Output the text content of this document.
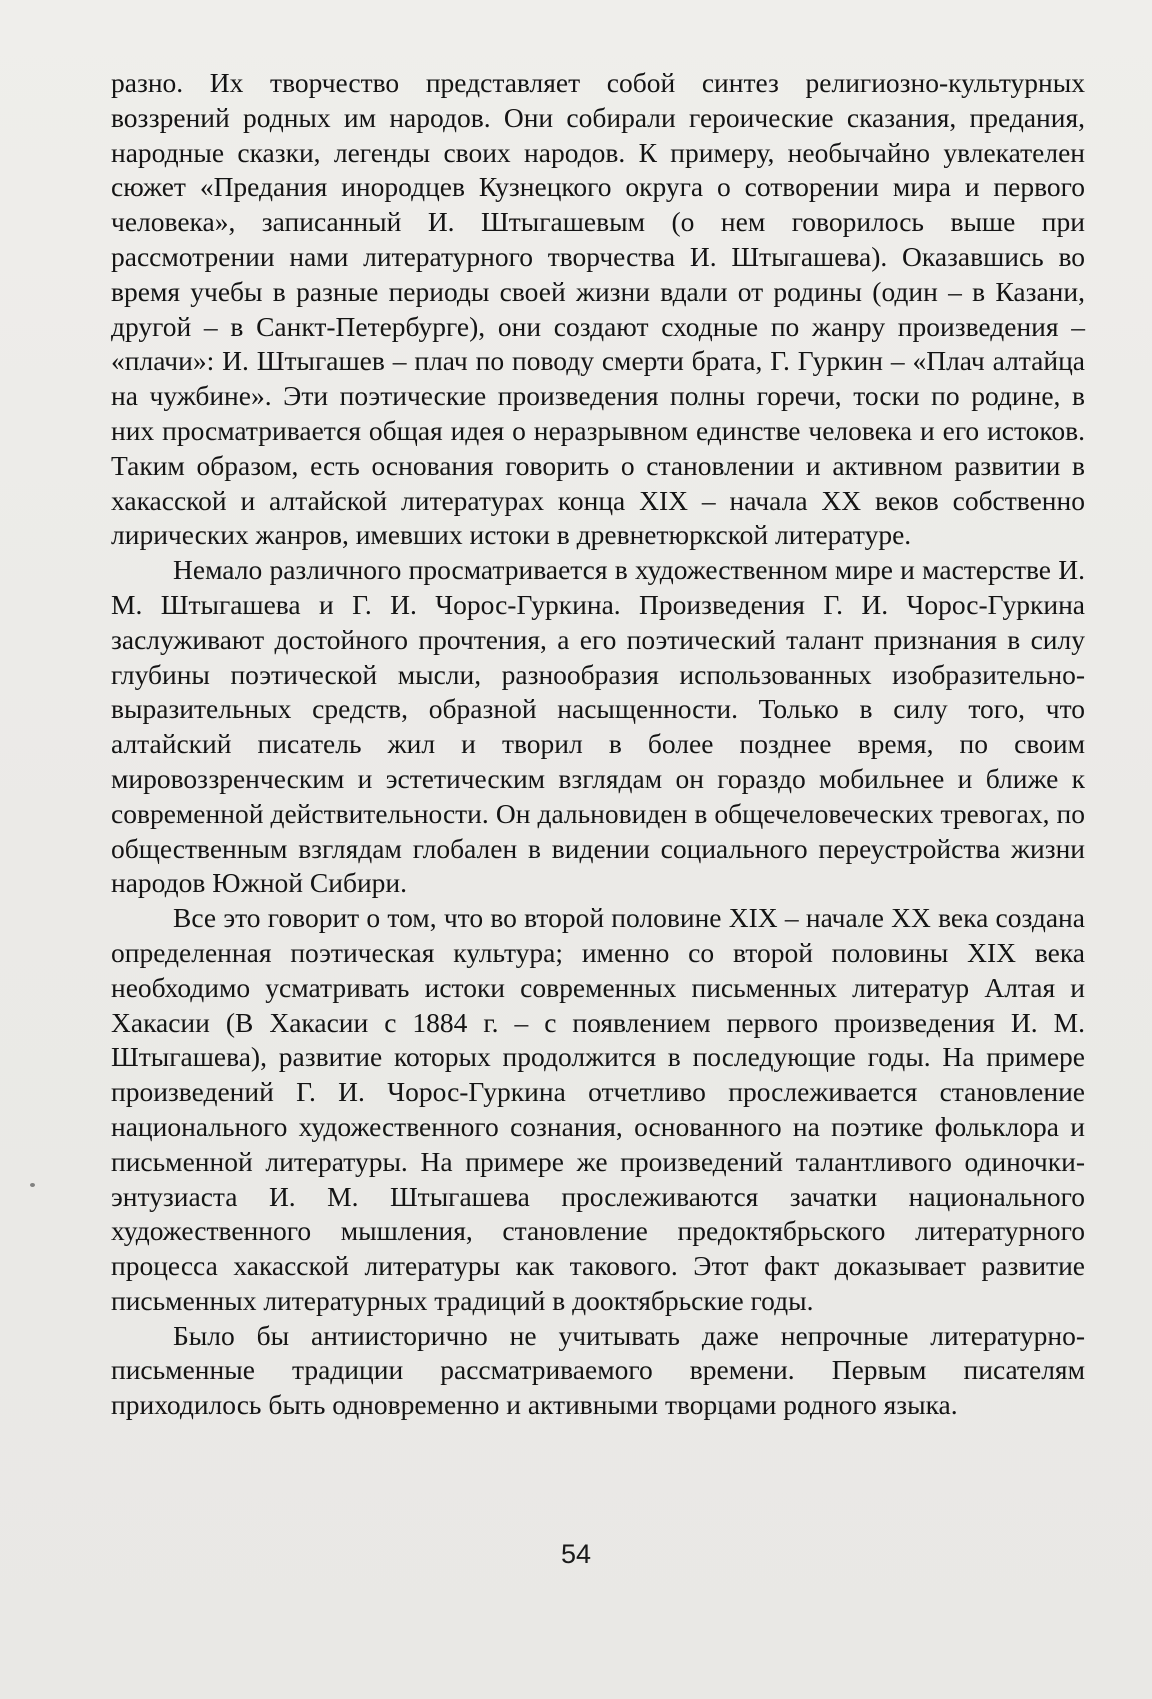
разно. Их творчество представляет собой синтез религиозно-культурных воззрений родных им народов. Они собирали героические сказания, предания, народные сказки, легенды своих народов. К примеру, необычайно увлекателен сюжет «Предания инородцев Кузнецкого округа о сотворении мира и первого человека», записанный И. Штыгашевым (о нем говорилось выше при рассмотрении нами литературного творчества И. Штыгашева). Оказавшись во время учебы в разные периоды своей жизни вдали от родины (один – в Казани, другой – в Санкт-Петербурге), они создают сходные по жанру произведения – «плачи»: И. Штыгашев – плач по поводу смерти брата, Г. Гуркин – «Плач алтайца на чужбине». Эти поэтические произведения полны горечи, тоски по родине, в них просматривается общая идея о неразрывном единстве человека и его истоков. Таким образом, есть основания говорить о становлении и активном развитии в хакасской и алтайской литературах конца XIX – начала XX веков собственно лирических жанров, имевших истоки в древнетюркской литературе.

Немало различного просматривается в художественном мире и мастерстве И. М. Штыгашева и Г. И. Чорос-Гуркина. Произведения Г. И. Чорос-Гуркина заслуживают достойного прочтения, а его поэтический талант признания в силу глубины поэтической мысли, разнообразия использованных изобразительно-выразительных средств, образной насыщенности. Только в силу того, что алтайский писатель жил и творил в более позднее время, по своим мировоззренческим и эстетическим взглядам он гораздо мобильнее и ближе к современной действительности. Он дальновиден в общечеловеческих тревогах, по общественным взглядам глобален в видении социального переустройства жизни народов Южной Сибири.

Все это говорит о том, что во второй половине XIX – начале XX века создана определенная поэтическая культура; именно со второй половины XIX века необходимо усматривать истоки современных письменных литератур Алтая и Хакасии (В Хакасии с 1884 г. – с появлением первого произведения И. М. Штыгашева), развитие которых продолжится в последующие годы. На примере произведений Г. И. Чорос-Гуркина отчетливо прослеживается становление национального художественного сознания, основанного на поэтике фольклора и письменной литературы. На примере же произведений талантливого одиночки-энтузиаста И. М. Штыгашева прослеживаются зачатки национального художественного мышления, становление предоктябрьского литературного процесса хакасской литературы как такового. Этот факт доказывает развитие письменных литературных традиций в дооктябрьские годы.

Было бы антиисторично не учитывать даже непрочные литературно-письменные традиции рассматриваемого времени. Первым писателям приходилось быть одновременно и активными творцами родного языка.

54
